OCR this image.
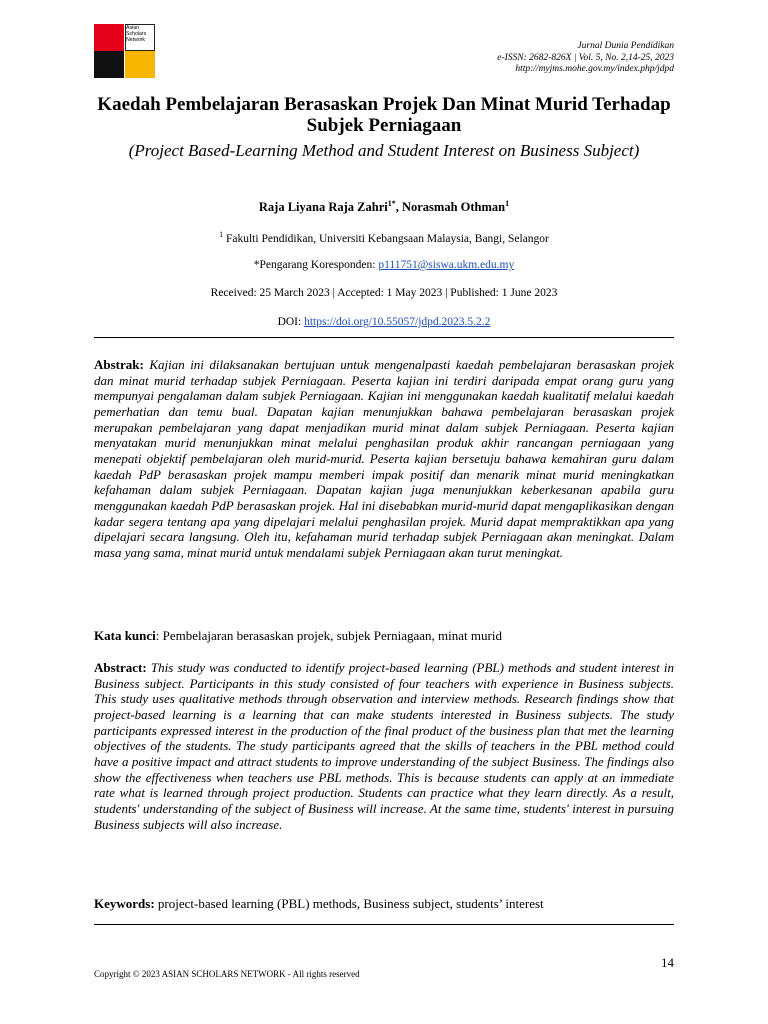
Asian Scholars Network
Jurnal Dunia Pendidikan
e-ISSN: 2682-826X | Vol. 5, No. 2,14-25, 2023
http://myjms.mohe.gov.my/index.php/jdpd
Kaedah Pembelajaran Berasaskan Projek Dan Minat Murid Terhadap Subjek Perniagaan

(Project Based-Learning Method and Student Interest on Business Subject)

Raja Liyana Raja Zahri$^{1*}$, Norasmah Othman$^1$

$^1$ Fakulti Pendidikan, Universiti Kebangsaan Malaysia, Bangi, Selangor

*Pengarang Koresponden: p111751@siswa.ukm.edu.my

Received: 25 March 2023 | Accepted: 1 May 2023 | Published: 1 June 2023

DOI: https://doi.org/10.55057/jdpd.2023.5.2.2

Abstrak: Kajian ini dilaksanakan bertujuan untuk mengenalpasti kaedah pembelajaran berasaskan projek dan minat murid terhadap subjek Perniagaan. Peserta kajian ini terdiri daripada empat orang guru yang mempunyai pengalaman dalam subjek Perniagaan. Kajian ini menggunakan kaedah kualitatif melalui kaedah pemerhatian dan temu bual. Dapatan kajian menunjukkan bahawa pembelajaran berasaskan projek merupakan pembelajaran yang dapat menjadikan murid minat dalam subjek Perniagaan. Peserta kajian menyatakan murid menunjukkan minat melalui penghasilan produk akhir rancangan perniagaan yang menepati objektif pembelajaran oleh murid-murid. Peserta kajian bersetuju bahawa kemahiran guru dalam kaedah PdP berasaskan projek mampu memberi impak positif dan menarik minat murid meningkatkan kefahaman dalam subjek Perniagaan. Dapatan kajian juga menunjukkan keberkesanan apabila guru menggunakan kaedah PdP berasaskan projek. Hal ini disebabkan murid-murid dapat mengaplikasikan dengan kadar segera tentang apa yang dipelajari melalui penghasilan projek. Murid dapat mempraktikkan apa yang dipelajari secara langsung. Oleh itu, kefahaman murid terhadap subjek Perniagaan akan meningkat. Dalam masa yang sama, minat murid untuk mendalami subjek Perniagaan akan turut meningkat.

Kata kunci: Pembelajaran berasaskan projek, subjek Perniagaan, minat murid

Abstract: This study was conducted to identify project-based learning (PBL) methods and student interest in Business subject. Participants in this study consisted of four teachers with experience in Business subjects. This study uses qualitative methods through observation and interview methods. Research findings show that project-based learning is a learning that can make students interested in Business subjects. The study participants expressed interest in the production of the final product of the business plan that met the learning objectives of the students. The study participants agreed that the skills of teachers in the PBL method could have a positive impact and attract students to improve understanding of the subject Business. The findings also show the effectiveness when teachers use PBL methods. This is because students can apply at an immediate rate what is learned through project production. Students can practice what they learn directly. As a result, students' understanding of the subject of Business will increase. At the same time, students' interest in pursuing Business subjects will also increase.

Keywords: project-based learning (PBL) methods, Business subject, students’ interest

14
Copyright © 2023 ASIAN SCHOLARS NETWORK - All rights reserved
